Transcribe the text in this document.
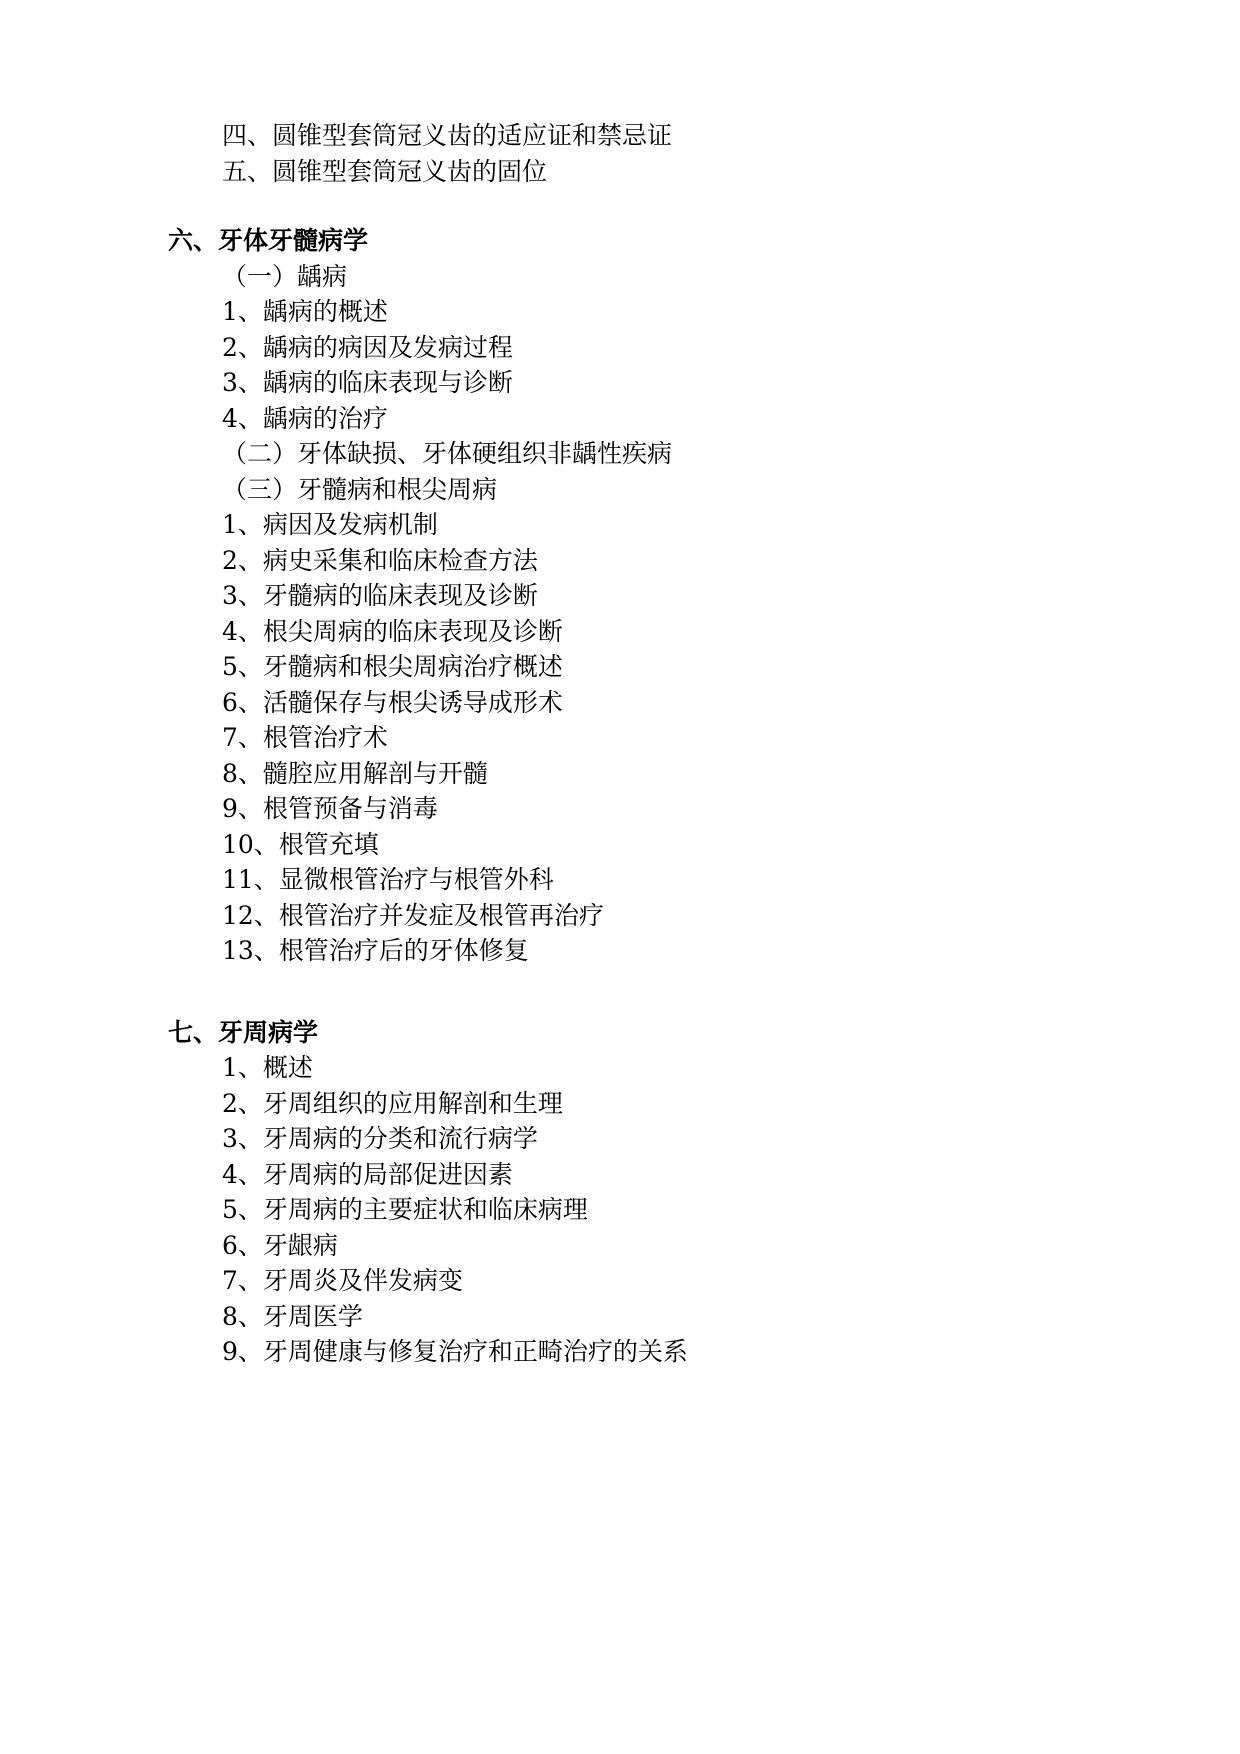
四、圆锥型套筒冠义齿的适应证和禁忌证
五、圆锥型套筒冠义齿的固位
六、牙体牙髓病学
（一）龋病
1、龋病的概述
2、龋病的病因及发病过程
3、龋病的临床表现与诊断
4、龋病的治疗
（二）牙体缺损、牙体硬组织非龋性疾病
（三）牙髓病和根尖周病
1、病因及发病机制
2、病史采集和临床检查方法
3、牙髓病的临床表现及诊断
4、根尖周病的临床表现及诊断
5、牙髓病和根尖周病治疗概述
6、活髓保存与根尖诱导成形术
7、根管治疗术
8、髓腔应用解剖与开髓
9、根管预备与消毒
10、根管充填
11、显微根管治疗与根管外科
12、根管治疗并发症及根管再治疗
13、根管治疗后的牙体修复
七、牙周病学
1、概述
2、牙周组织的应用解剖和生理
3、牙周病的分类和流行病学
4、牙周病的局部促进因素
5、牙周病的主要症状和临床病理
6、牙龈病
7、牙周炎及伴发病变
8、牙周医学
9、牙周健康与修复治疗和正畸治疗的关系
